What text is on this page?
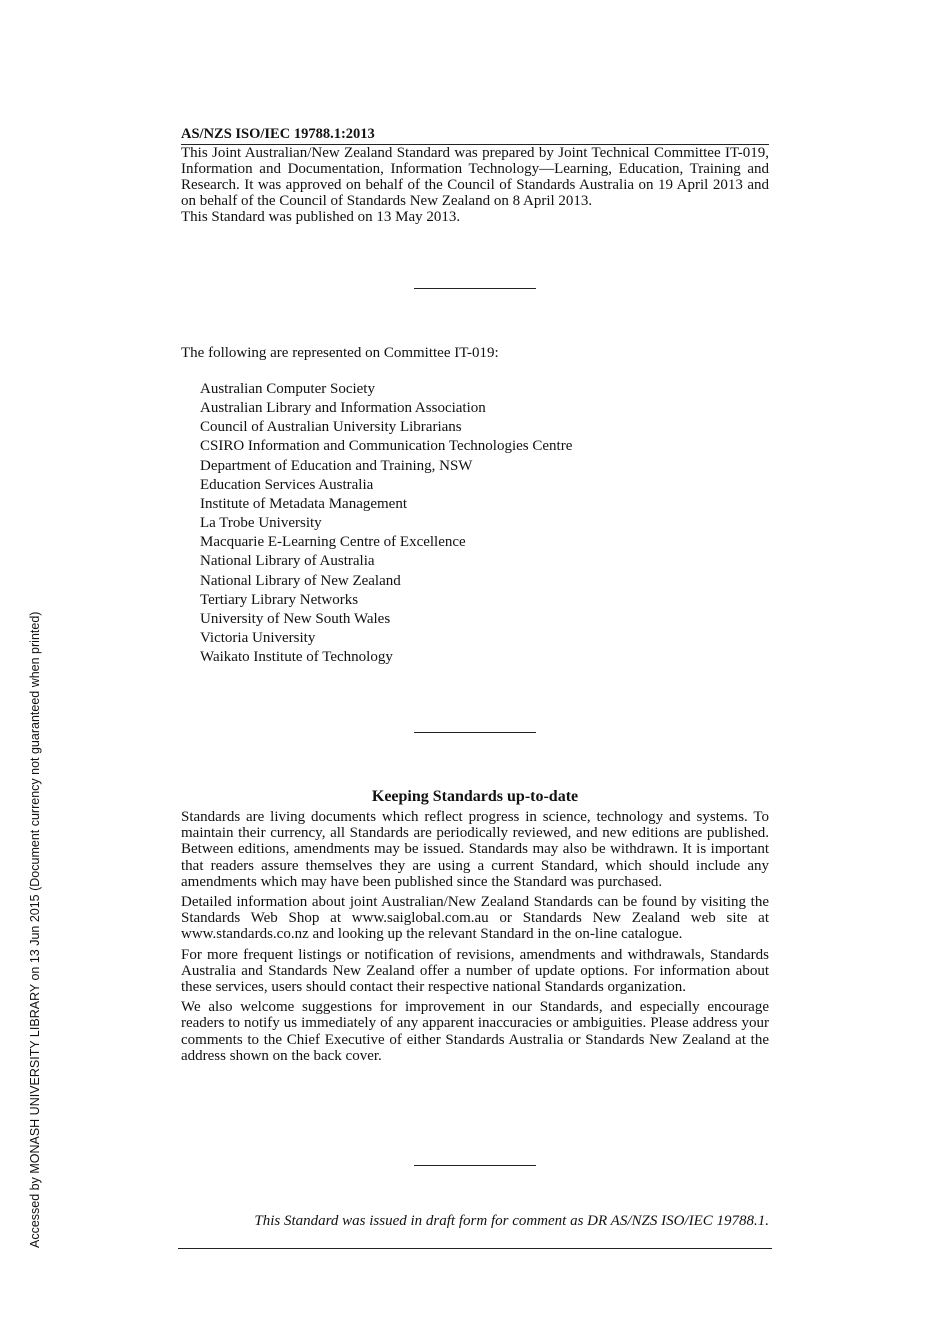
Accessed by MONASH UNIVERSITY LIBRARY on 13 Jun 2015 (Document currency not guaranteed when printed)
AS/NZS ISO/IEC 19788.1:2013

This Joint Australian/New Zealand Standard was prepared by Joint Technical Committee IT-019, Information and Documentation, Information Technology—Learning, Education, Training and Research. It was approved on behalf of the Council of Standards Australia on 19 April 2013 and on behalf of the Council of Standards New Zealand on 8 April 2013.

This Standard was published on 13 May 2013.

The following are represented on Committee IT-019:
Australian Computer Society
Australian Library and Information Association
Council of Australian University Librarians
CSIRO Information and Communication Technologies Centre
Department of Education and Training, NSW
Education Services Australia
Institute of Metadata Management
La Trobe University
Macquarie E-Learning Centre of Excellence
National Library of Australia
National Library of New Zealand
Tertiary Library Networks
University of New South Wales
Victoria University
Waikato Institute of Technology
Keeping Standards up-to-date

Standards are living documents which reflect progress in science, technology and systems. To maintain their currency, all Standards are periodically reviewed, and new editions are published. Between editions, amendments may be issued. Standards may also be withdrawn. It is important that readers assure themselves they are using a current Standard, which should include any amendments which may have been published since the Standard was purchased.

Detailed information about joint Australian/New Zealand Standards can be found by visiting the Standards Web Shop at www.saiglobal.com.au or Standards New Zealand web site at www.standards.co.nz and looking up the relevant Standard in the on-line catalogue.

For more frequent listings or notification of revisions, amendments and withdrawals, Standards Australia and Standards New Zealand offer a number of update options. For information about these services, users should contact their respective national Standards organization.

We also welcome suggestions for improvement in our Standards, and especially encourage readers to notify us immediately of any apparent inaccuracies or ambiguities. Please address your comments to the Chief Executive of either Standards Australia or Standards New Zealand at the address shown on the back cover.

This Standard was issued in draft form for comment as DR AS/NZS ISO/IEC 19788.1.
